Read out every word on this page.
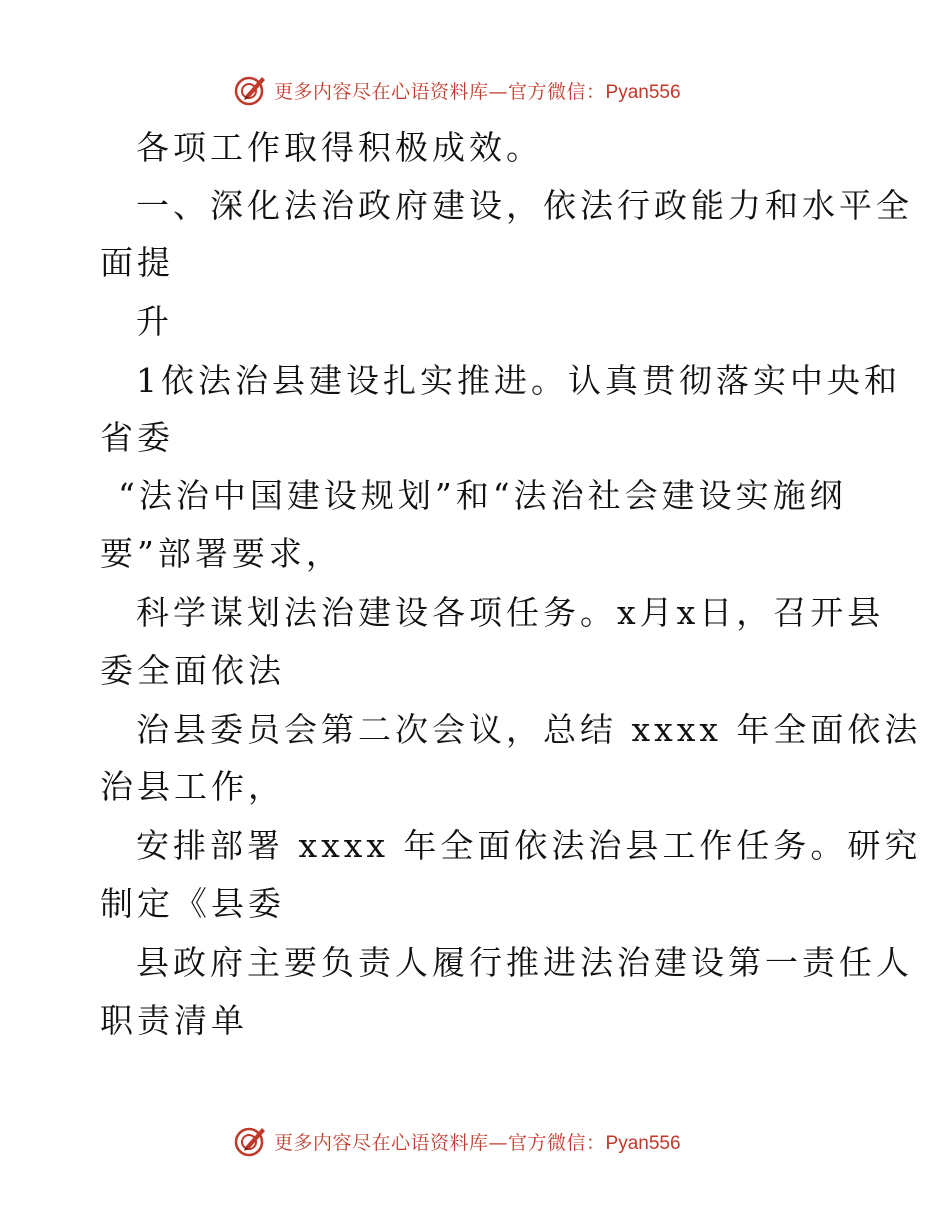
更多内容尽在心语资料库—官方微信：Pyan556
各项工作取得积极成效。
一、深化法治政府建设，依法行政能力和水平全
面提
升
1依法治县建设扎实推进。认真贯彻落实中央和
省委
“法治中国建设规划”和“法治社会建设实施纲
要”部署要求，
科学谋划法治建设各项任务。x月x日，召开县
委全面依法
治县委员会第二次会议，总结 xxxx 年全面依法
治县工作，
安排部署 xxxx 年全面依法治县工作任务。研究
制定《县委
县政府主要负责人履行推进法治建设第一责任人
职责清单
更多内容尽在心语资料库—官方微信：Pyan556
